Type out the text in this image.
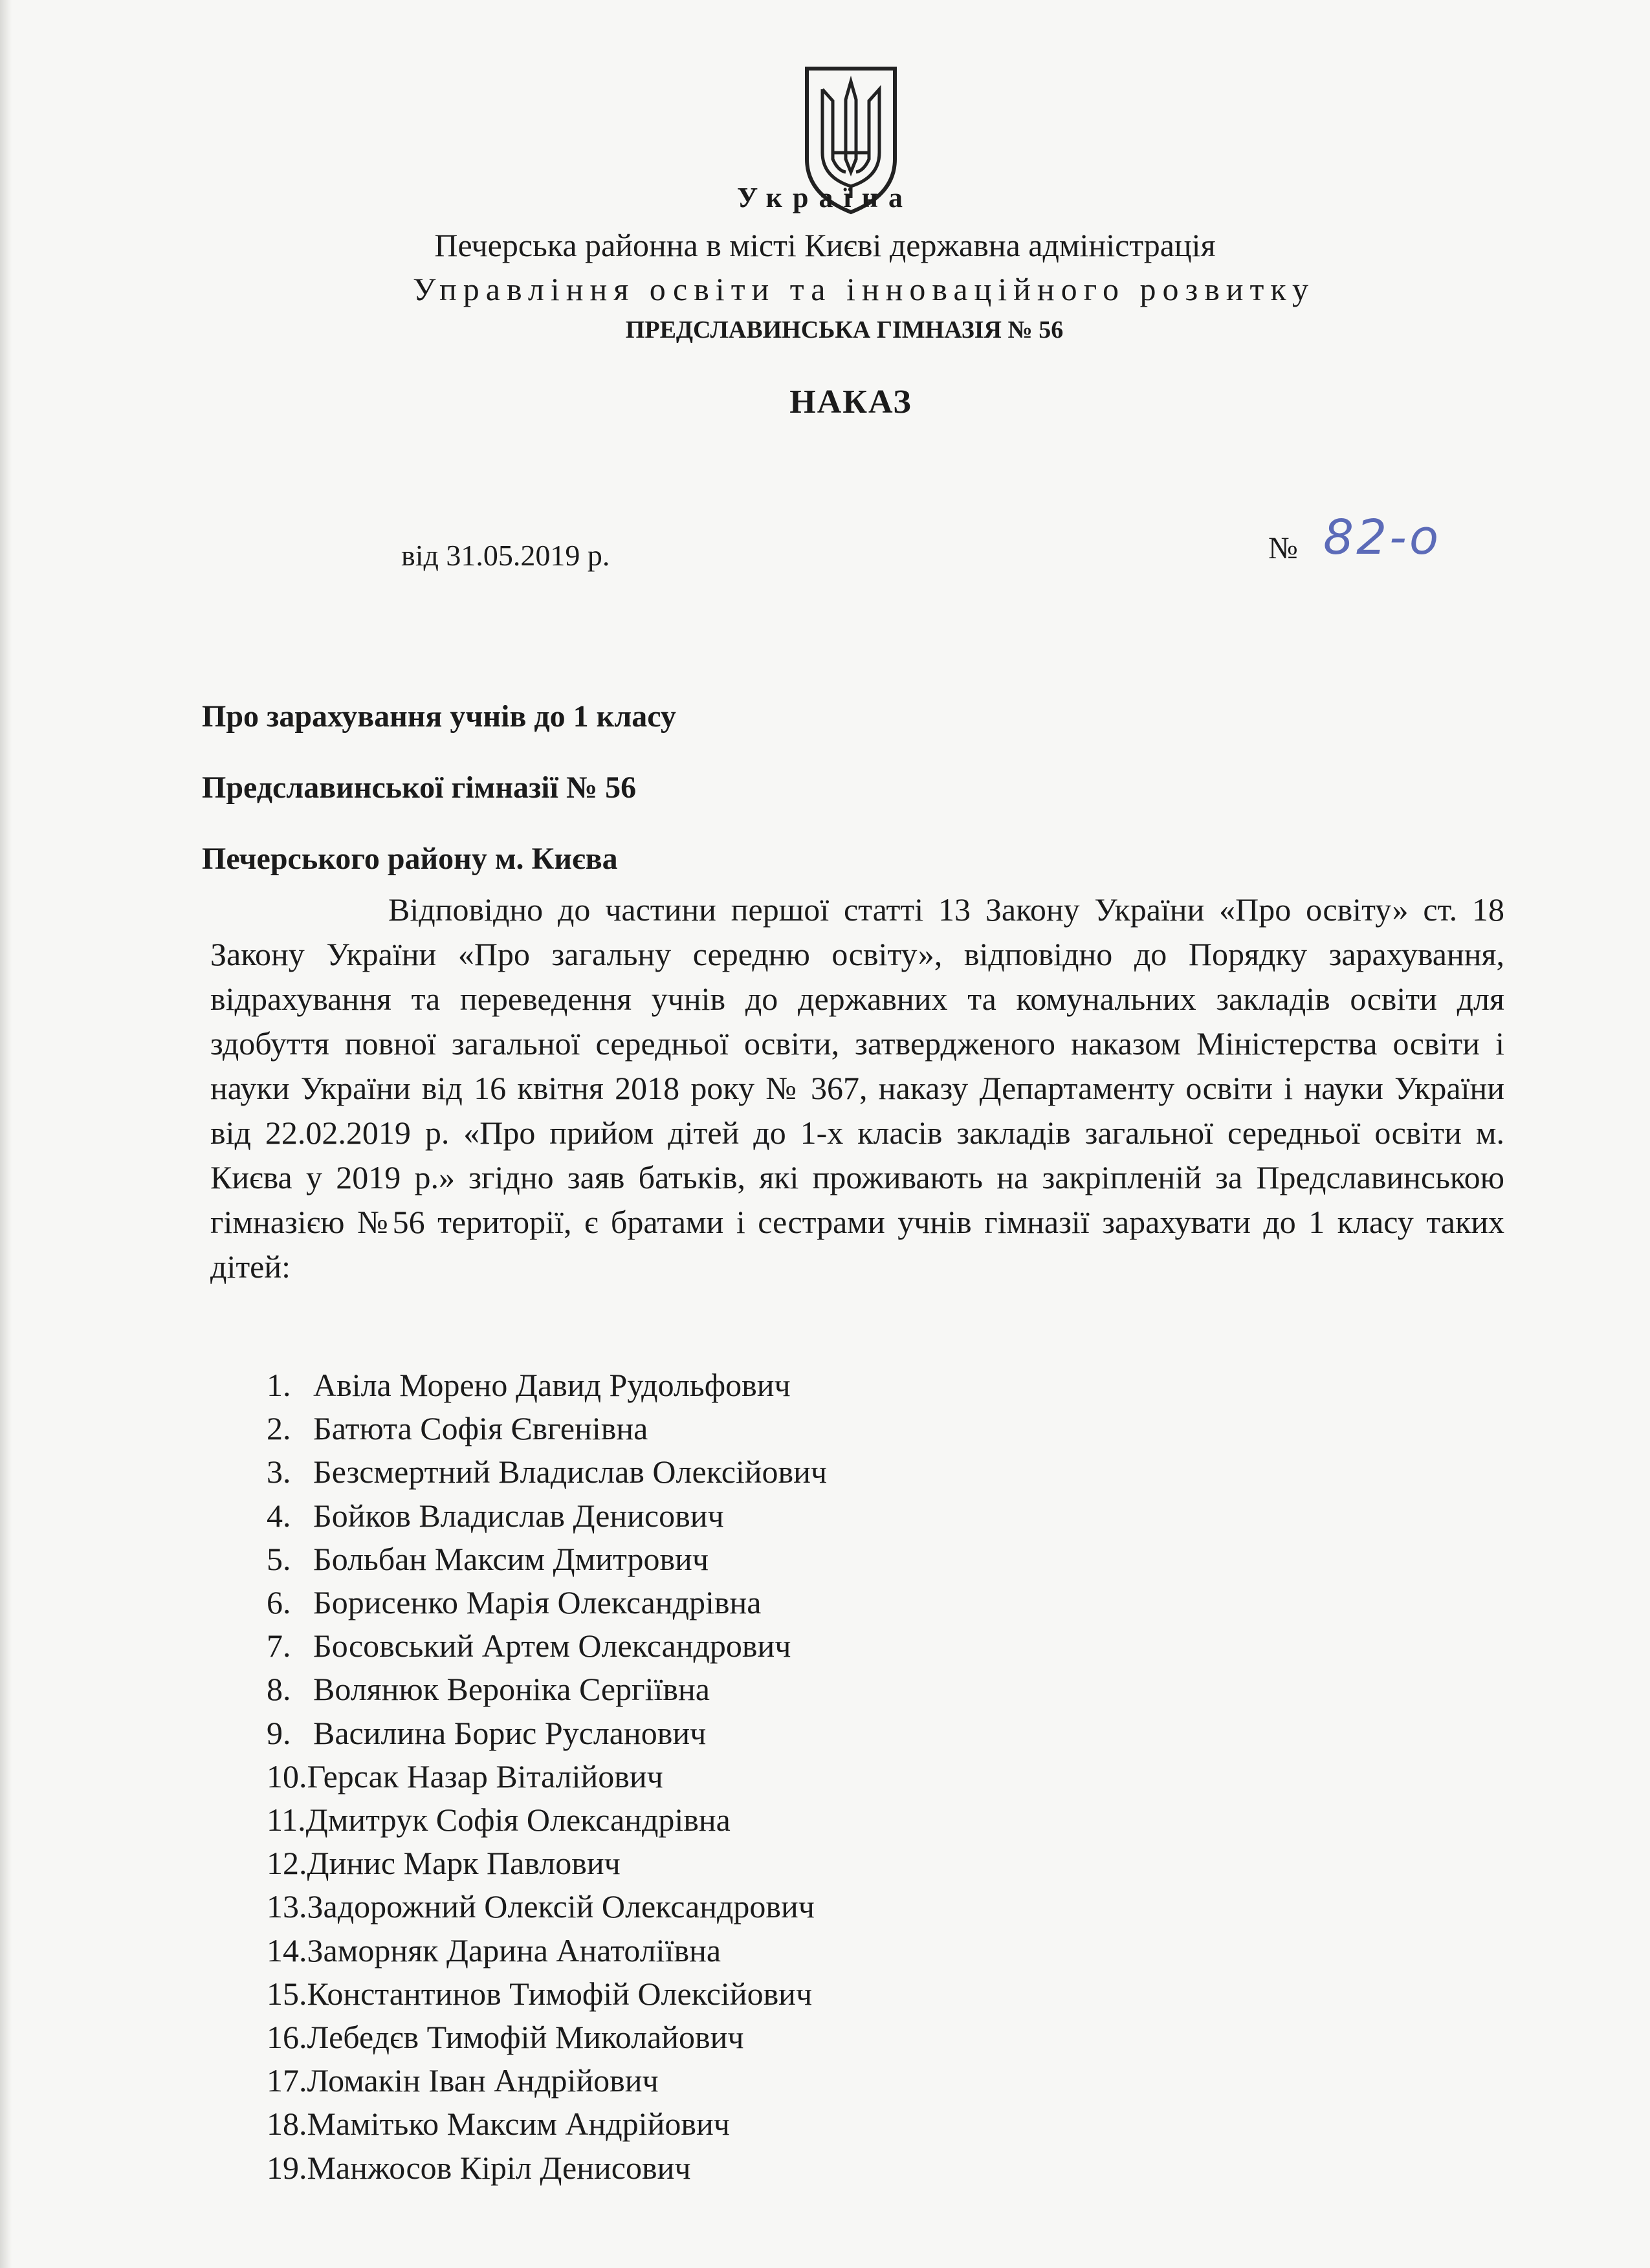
Україна
Печерська районна в місті Києві державна адміністрація
Управління освіти та інноваційного розвитку
ПРЕДСЛАВИНСЬКА ГІМНАЗІЯ № 56
НАКАЗ
від 31.05.2019 р.	№ 82-о
Про зарахування учнів до 1 класу
Предславинської гімназії № 56
Печерського району м. Києва

Відповідно до частини першої статті 13 Закону України «Про освіту» ст. 18 Закону України «Про загальну середню освіту», відповідно до Порядку зарахування, відрахування та переведення учнів до державних та комунальних закладів освіти для здобуття повної загальної середньої освіти, затвердженого наказом Міністерства освіти і науки України від 16 квітня 2018 року № 367, наказу Департаменту освіти і науки України від 22.02.2019 р. «Про прийом дітей до 1-х класів закладів загальної середньої освіти м. Києва у 2019 р.» згідно заяв батьків, які проживають на закріпленій за Предславинською гімназією №56 території, є братами і сестрами учнів гімназії зарахувати до 1 класу таких дітей:

1. Авіла Морено Давид Рудольфович
2. Батюта Софія Євгенівна
3. Безсмертний Владислав Олексійович
4. Бойков Владислав Денисович
5. Больбан Максим Дмитрович
6. Борисенко Марія Олександрівна
7. Босовський Артем Олександрович
8. Волянюк Вероніка Сергіївна
9. Василина Борис Русланович
10.Герсак Назар Віталійович
11.Дмитрук Софія Олександрівна
12.Динис Марк Павлович
13.Задорожний Олексій Олександрович
14.Заморняк Дарина Анатоліївна
15.Константинов Тимофій Олексійович
16.Лебедєв Тимофій Миколайович
17.Ломакін Іван Андрійович
18.Мамітько Максим Андрійович
19.Манжосов Кіріл Денисович
